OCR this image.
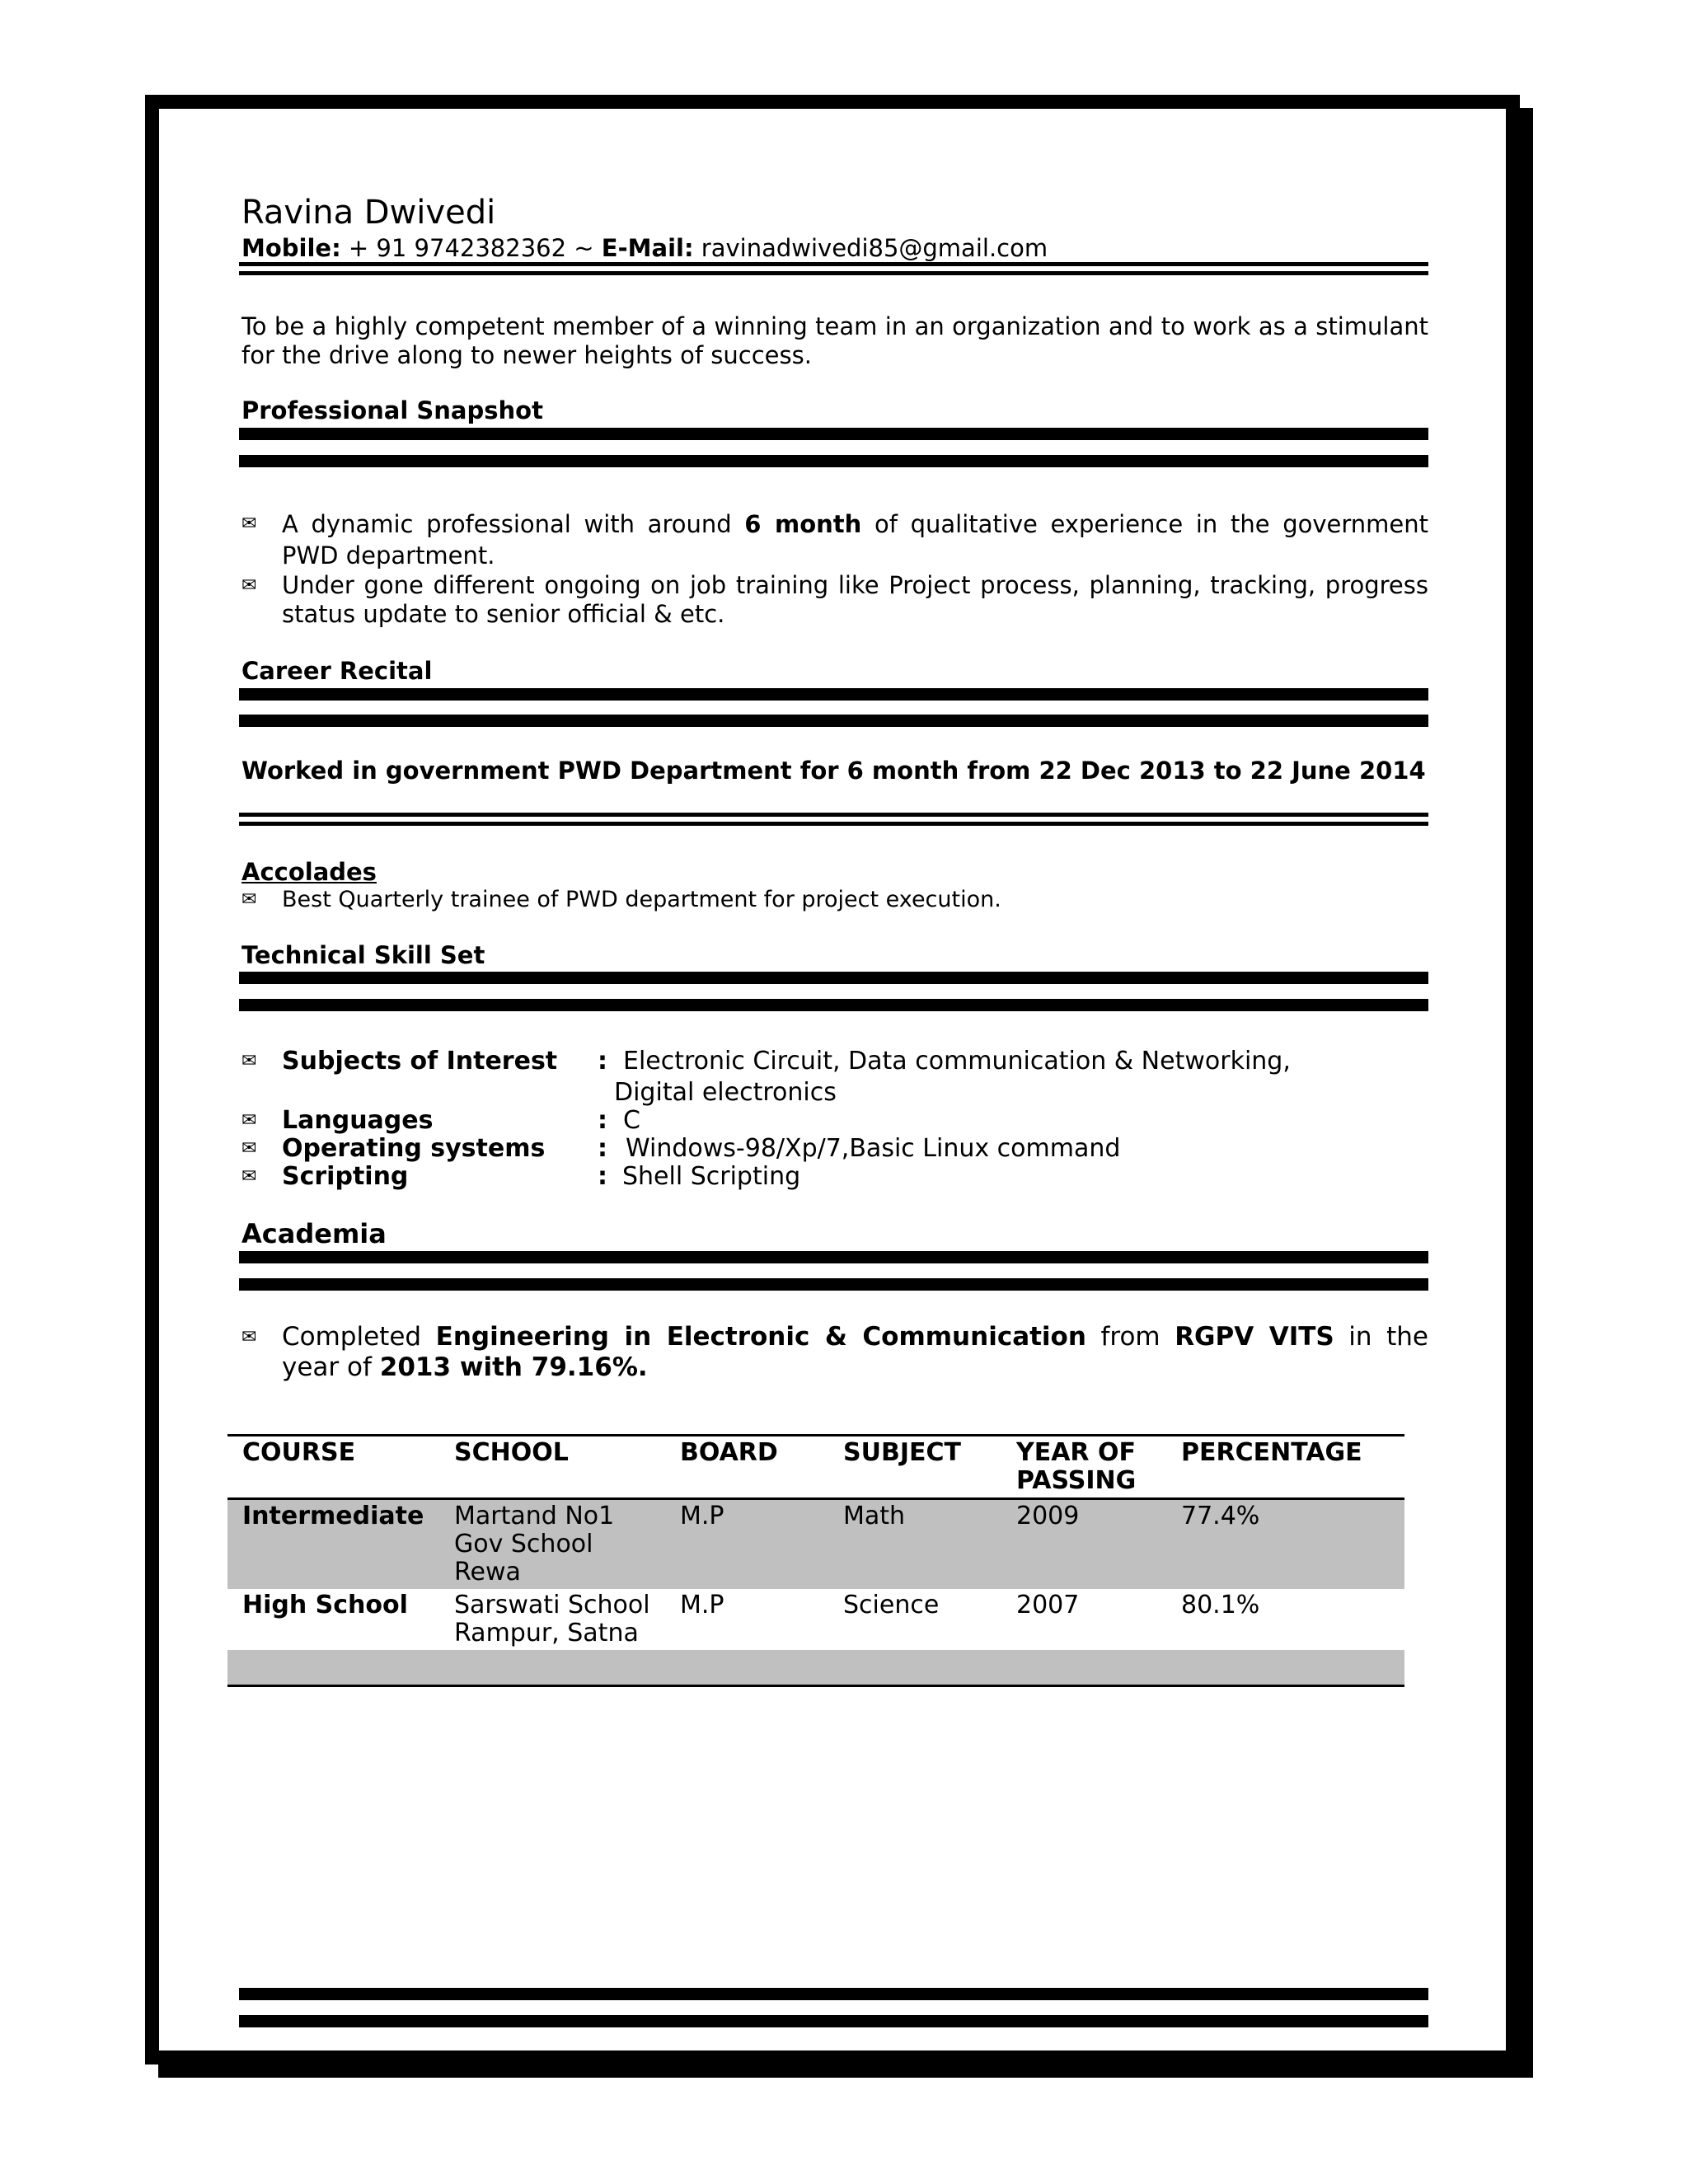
Ravina Dwivedi
Mobile: + 91 9742382362 ~ E-Mail: ravinadwivedi85@gmail.com
To be a highly competent member of a winning team in an organization and to work as a stimulant for the drive along to newer heights of success.
Professional Snapshot
✉	A dynamic professional with around 6 month of qualitative experience in the government PWD department.
✉	Under gone different ongoing on job training like Project process, planning, tracking, progress status update to senior official & etc.
Career Recital
Worked in government PWD Department for 6 month from 22 Dec 2013 to 22 June 2014
Accolades
✉	Best Quarterly trainee of PWD department for project execution.
Technical Skill Set
✉ Subjects of Interest : Electronic Circuit, Data communication & Networking,
Digital electronics
✉ Languages	: C
✉ Operating systems : Windows-98/Xp/7,Basic Linux command
✉ Scripting	: Shell Scripting
Academia
✉ Completed Engineering in Electronic & Communication from RGPV VITS in the year of 2013 with 79.16%.
COURSE	SCHOOL	BOARD	SUBJECT	YEAR OF PASSING	PERCENTAGE
Intermediate	Martand No1 Gov School Rewa	M.P	Math	2009	77.4%
High School	Sarswati School Rampur, Satna	M.P	Science	2007	80.1%
